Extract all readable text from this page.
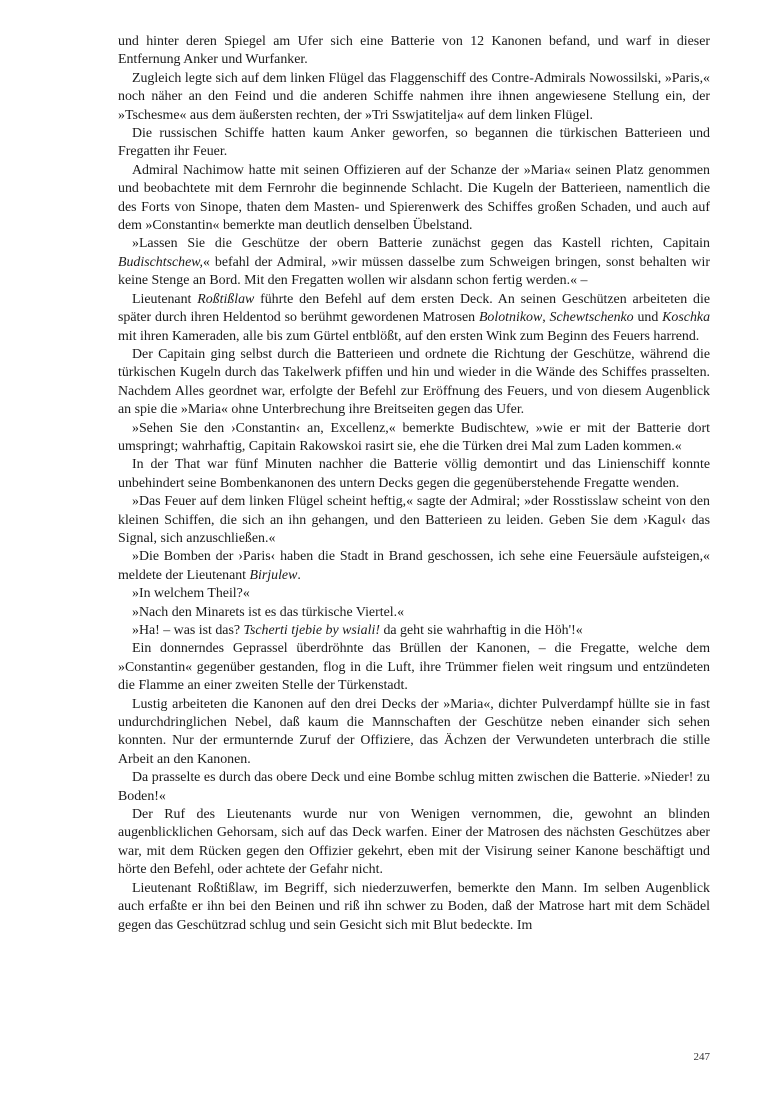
und hinter deren Spiegel am Ufer sich eine Batterie von 12 Kanonen befand, und warf in dieser Entfernung Anker und Wurfanker.

Zugleich legte sich auf dem linken Flügel das Flaggenschiff des Contre-Admirals Nowossilski, »Paris,« noch näher an den Feind und die anderen Schiffe nahmen ihre ihnen angewiesene Stellung ein, der »Tschesme« aus dem äußersten rechten, der »Tri Sswjatitelja« auf dem linken Flügel.

Die russischen Schiffe hatten kaum Anker geworfen, so begannen die türkischen Batterieen und Fregatten ihr Feuer.

Admiral Nachimow hatte mit seinen Offizieren auf der Schanze der »Maria« seinen Platz genommen und beobachtete mit dem Fernrohr die beginnende Schlacht. Die Kugeln der Batterieen, namentlich die des Forts von Sinope, thaten dem Masten- und Spierenwerk des Schiffes großen Schaden, und auch auf dem »Constantin« bemerkte man deutlich denselben Übelstand.

»Lassen Sie die Geschütze der obern Batterie zunächst gegen das Kastell richten, Capitain Budischtschew,« befahl der Admiral, »wir müssen dasselbe zum Schweigen bringen, sonst behalten wir keine Stenge an Bord. Mit den Fregatten wollen wir alsdann schon fertig werden.« –

Lieutenant Roßtißlaw führte den Befehl auf dem ersten Deck. An seinen Geschützen arbeiteten die später durch ihren Heldentod so berühmt gewordenen Matrosen Bolotnikow, Schewtschenko und Koschka mit ihren Kameraden, alle bis zum Gürtel entblößt, auf den ersten Wink zum Beginn des Feuers harrend.

Der Capitain ging selbst durch die Batterieen und ordnete die Richtung der Geschütze, während die türkischen Kugeln durch das Takelwerk pfiffen und hin und wieder in die Wände des Schiffes prasselten. Nachdem Alles geordnet war, erfolgte der Befehl zur Eröffnung des Feuers, und von diesem Augenblick an spie die »Maria« ohne Unterbrechung ihre Breitseiten gegen das Ufer.

»Sehen Sie den ›Constantin‹ an, Excellenz,« bemerkte Budischtew, »wie er mit der Batterie dort umspringt; wahrhaftig, Capitain Rakowskoi rasirt sie, ehe die Türken drei Mal zum Laden kommen.«

In der That war fünf Minuten nachher die Batterie völlig demontirt und das Linienschiff konnte unbehindert seine Bombenkanonen des untern Decks gegen die gegenüberstehende Fregatte wenden.

»Das Feuer auf dem linken Flügel scheint heftig,« sagte der Admiral; »der Rosstisslaw scheint von den kleinen Schiffen, die sich an ihn gehangen, und den Batterieen zu leiden. Geben Sie dem ›Kagul‹ das Signal, sich anzuschließen.«

»Die Bomben der ›Paris‹ haben die Stadt in Brand geschossen, ich sehe eine Feuersäule aufsteigen,« meldete der Lieutenant Birjulew.

»In welchem Theil?«

»Nach den Minarets ist es das türkische Viertel.«

»Ha! – was ist das? Tscherti tjebie by wsiali! da geht sie wahrhaftig in die Höh'!«

Ein donnerndes Geprassel überdröhnte das Brüllen der Kanonen, – die Fregatte, welche dem »Constantin« gegenüber gestanden, flog in die Luft, ihre Trümmer fielen weit ringsum und entzündeten die Flamme an einer zweiten Stelle der Türkenstadt.

Lustig arbeiteten die Kanonen auf den drei Decks der »Maria«, dichter Pulverdampf hüllte sie in fast undurchdringlichen Nebel, daß kaum die Mannschaften der Geschütze neben einander sich sehen konnten. Nur der ermunternde Zuruf der Offiziere, das Ächzen der Verwundeten unterbrach die stille Arbeit an den Kanonen.

Da prasselte es durch das obere Deck und eine Bombe schlug mitten zwischen die Batterie. »Nieder! zu Boden!«

Der Ruf des Lieutenants wurde nur von Wenigen vernommen, die, gewohnt an blinden augenblicklichen Gehorsam, sich auf das Deck warfen. Einer der Matrosen des nächsten Geschützes aber war, mit dem Rücken gegen den Offizier gekehrt, eben mit der Visirung seiner Kanone beschäftigt und hörte den Befehl, oder achtete der Gefahr nicht.

Lieutenant Roßtißlaw, im Begriff, sich niederzuwerfen, bemerkte den Mann. Im selben Augenblick auch erfaßte er ihn bei den Beinen und riß ihn schwer zu Boden, daß der Matrose hart mit dem Schädel gegen das Geschützrad schlug und sein Gesicht sich mit Blut bedeckte. Im

247
